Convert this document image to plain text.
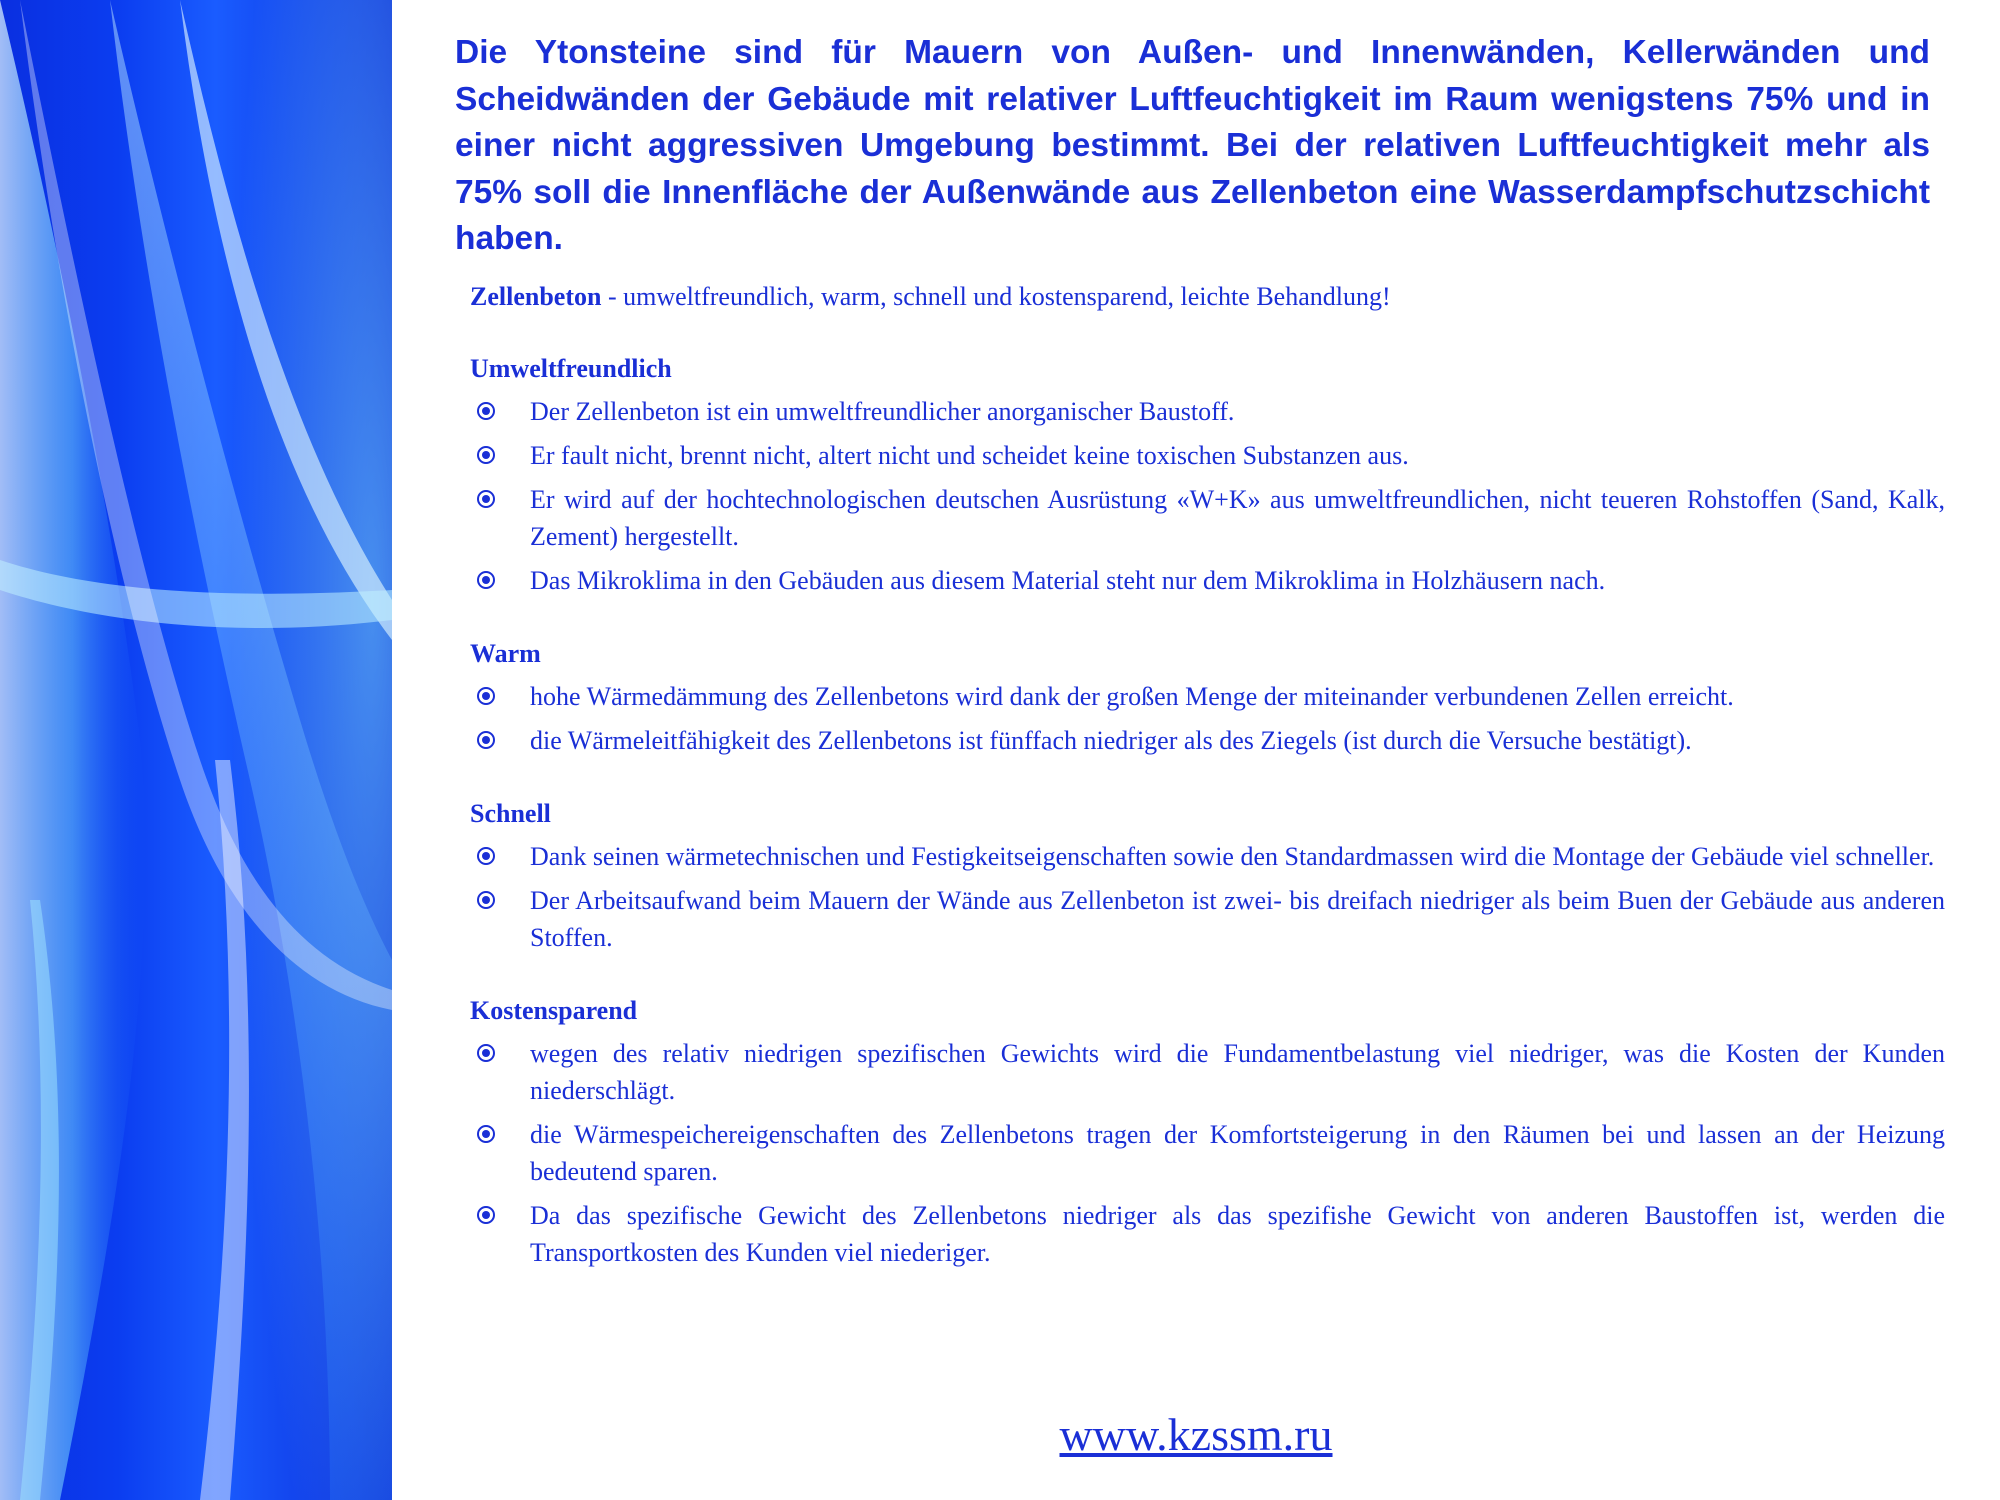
Die Ytonsteine sind für Mauern von Außen- und Innenwänden, Kellerwänden und Scheidwänden der Gebäude mit relativer Luftfeuchtigkeit im Raum wenigstens 75% und in einer nicht aggressiven Umgebung bestimmt. Bei der relativen Luftfeuchtigkeit mehr als 75% soll die Innenfläche der Außenwände aus Zellenbeton eine Wasserdampfschutzschicht haben.

Zellenbeton - umweltfreundlich, warm, schnell und kostensparend, leichte Behandlung!

Umweltfreundlich

Der Zellenbeton ist ein umweltfreundlicher anorganischer Baustoff.
Er fault nicht, brennt nicht, altert nicht und scheidet keine toxischen Substanzen aus.
Er wird auf der hochtechnologischen deutschen Ausrüstung «W+K» aus umweltfreundlichen, nicht teueren Rohstoffen (Sand, Kalk, Zement) hergestellt.
Das Mikroklima in den Gebäuden aus diesem Material steht nur dem Mikroklima in Holzhäusern nach.

Warm

hohe Wärmedämmung des Zellenbetons wird dank der großen Menge der miteinander verbundenen Zellen erreicht.
die Wärmeleitfähigkeit des Zellenbetons ist fünffach niedriger als des Ziegels (ist durch die Versuche bestätigt).

Schnell

Dank seinen wärmetechnischen und Festigkeitseigenschaften sowie den Standardmassen wird die Montage der Gebäude viel schneller.
Der Arbeitsaufwand beim Mauern der Wände aus Zellenbeton ist zwei- bis dreifach niedriger als beim Buen der Gebäude aus anderen Stoffen.

Kostensparend

wegen des relativ niedrigen spezifischen Gewichts wird die Fundamentbelastung viel niedriger, was die Kosten der Kunden niederschlägt.
die Wärmespeichereigenschaften des Zellenbetons tragen der Komfortsteigerung in den Räumen bei und lassen an der Heizung bedeutend sparen.
Da das spezifische Gewicht des Zellenbetons niedriger als das spezifishe Gewicht von anderen Baustoffen ist, werden die Transportkosten des Kunden viel niederiger.
www.kzssm.ru
